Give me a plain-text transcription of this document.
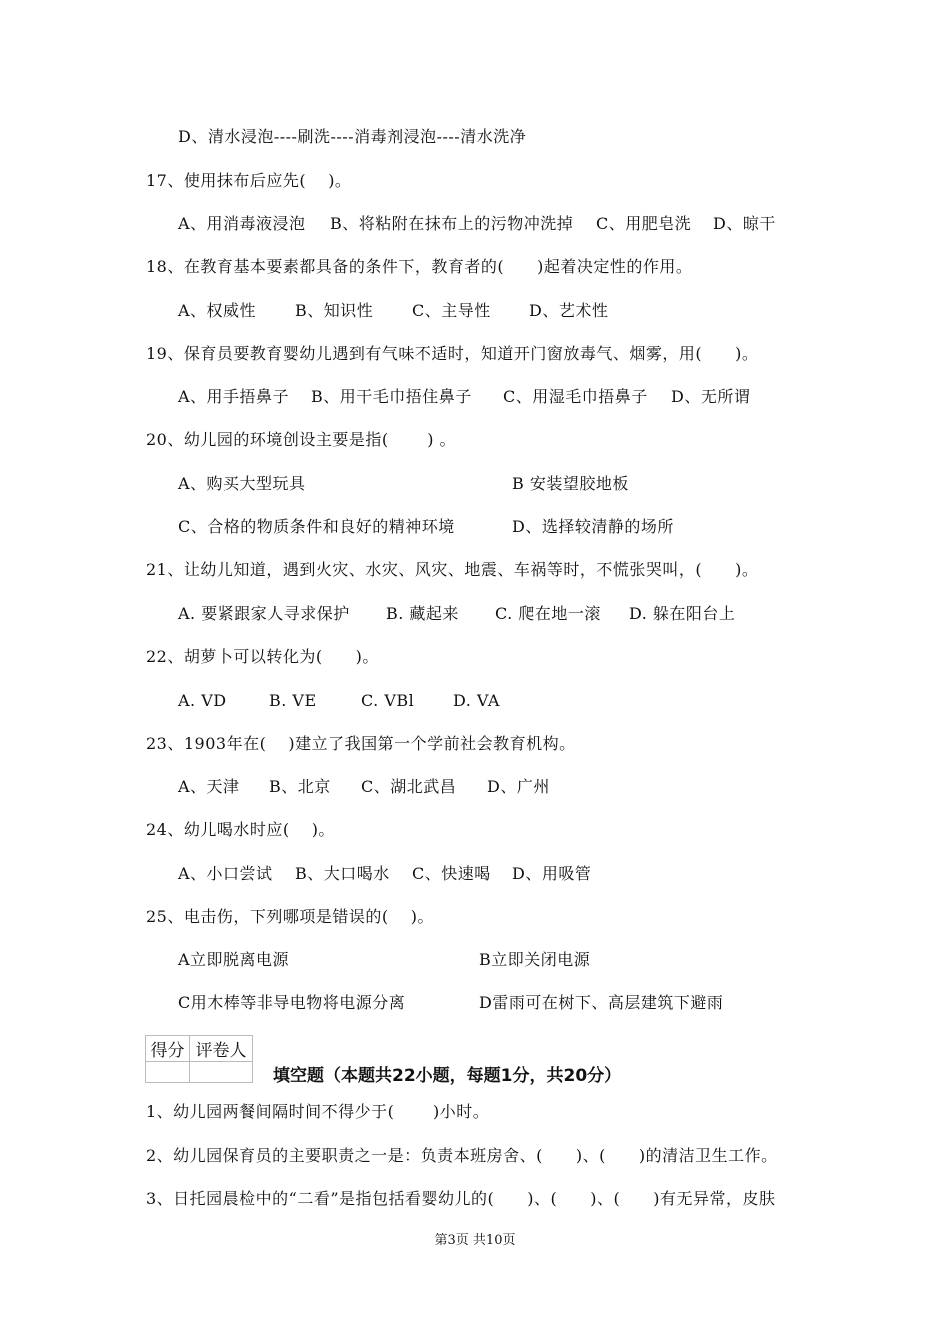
D、清水浸泡----刷洗----消毒剂浸泡----清水洗净
17、使用抹布后应先(　 )。
A、用消毒液浸泡 B、将粘附在抹布上的污物冲洗掉 C、用肥皂洗 D、晾干
18、在教育基本要素都具备的条件下，教育者的(　　)起着决定性的作用。
A、权威性 B、知识性 C、主导性 D、艺术性
19、保育员要教育婴幼儿遇到有气味不适时，知道开门窗放毒气、烟雾，用(　　)。
A、用手捂鼻子 B、用干毛巾捂住鼻子 C、用湿毛巾捂鼻子 D、无所谓
20、幼儿园的环境创设主要是指(　　 ) 。
A、购买大型玩具	B 安装望胶地板
C、合格的物质条件和良好的精神环境	D、选择较清静的场所
21、让幼儿知道，遇到火灾、水灾、风灾、地震、车祸等时，不慌张哭叫，(　　)。
A. 要紧跟家人寻求保护 B. 藏起来 C. 爬在地一滚 D. 躲在阳台上
22、胡萝卜可以转化为(　　)。
A. VD	B. VE	C. VBl D. VA
23、1903年在(　 )建立了我国第一个学前社会教育机构。
A、天津 B、北京 C、湖北武昌 D、广州
24、幼儿喝水时应(　 )。
A、小口尝试 B、大口喝水 C、快速喝 D、用吸管
25、电击伤，下列哪项是错误的(　 )。
A立即脱离电源	B立即关闭电源
C用木棒等非导电物将电源分离	D雷雨可在树下、高层建筑下避雨
得分	评卷人

填空题（本题共22小题，每题1分，共20分）
1、幼儿园两餐间隔时间不得少于(　　 )小时。
2、幼儿园保育员的主要职责之一是：负责本班房舍、(　　)、(　　)的清洁卫生工作。
3、日托园晨检中的“二看”是指包括看婴幼儿的(　　)、(　　)、(　　)有无异常，皮肤
第3页 共10页
